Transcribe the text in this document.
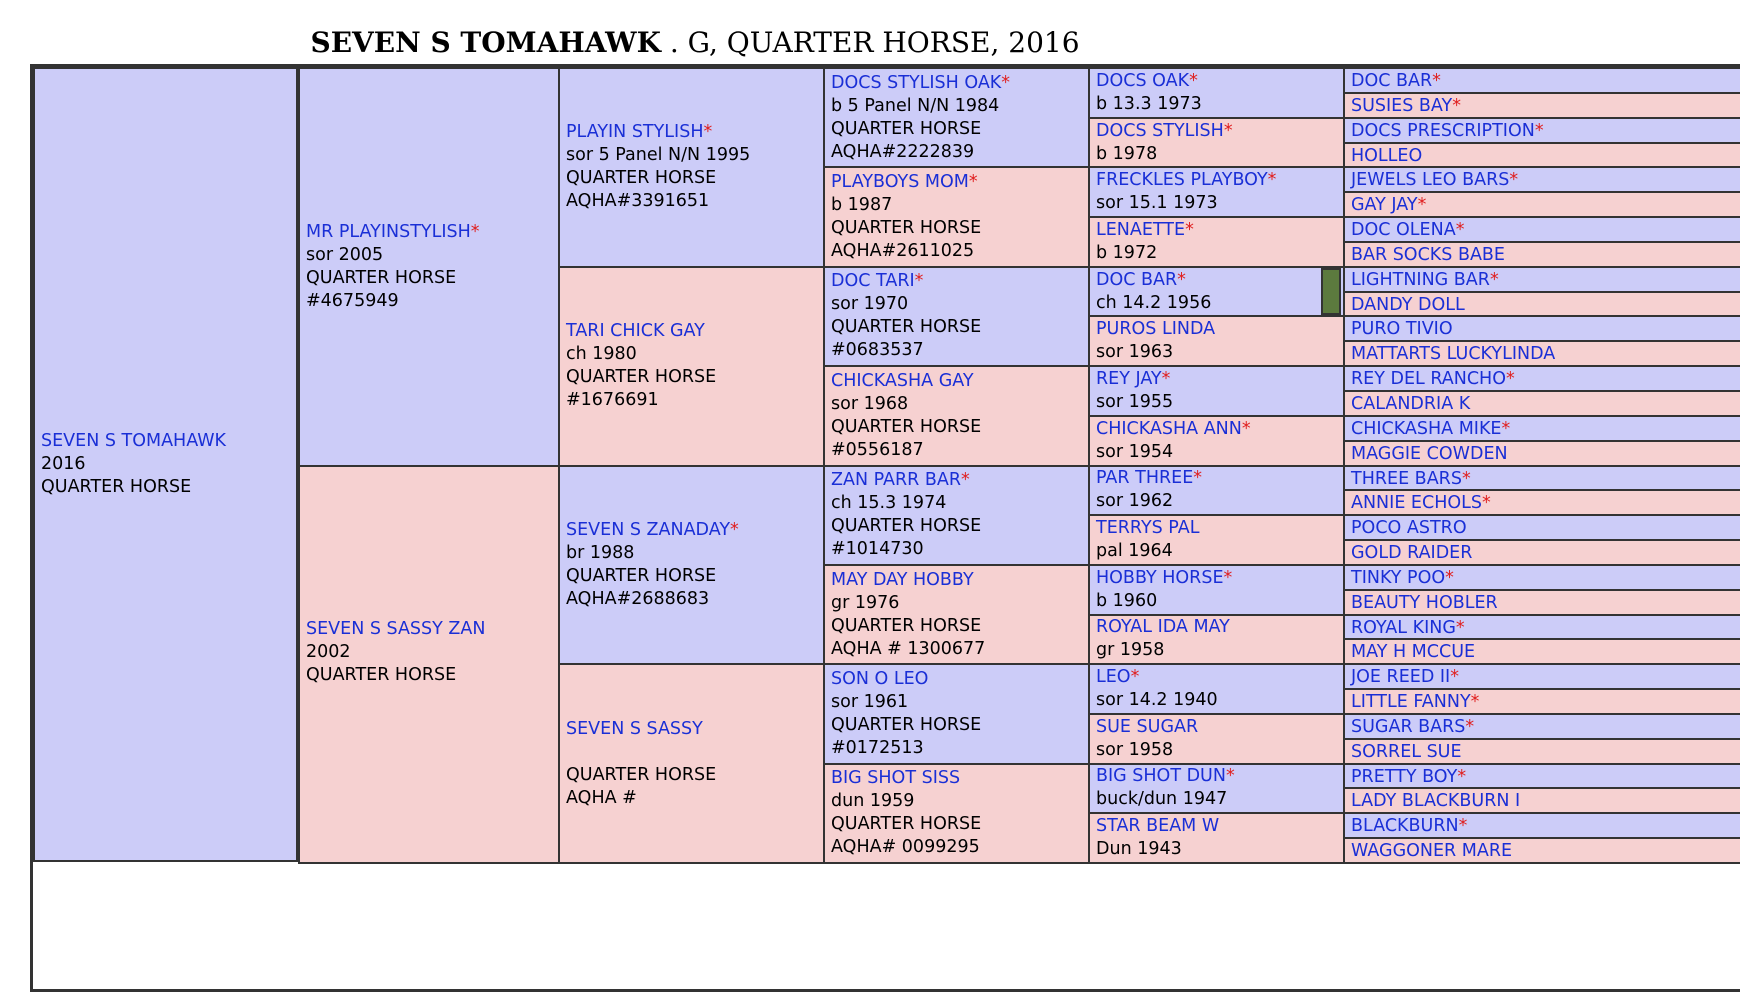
SEVEN S TOMAHAWK . G, QUARTER HORSE, 2016
SEVEN S TOMAHAWK
2016
QUARTER HORSE
MR PLAYINSTYLISH*
sor 2005
QUARTER HORSE
#4675949
SEVEN S SASSY ZAN
2002
QUARTER HORSE

PLAYIN STYLISH*
sor 5 Panel N/N 1995
QUARTER HORSE
AQHA#3391651
TARI CHICK GAY
ch 1980
QUARTER HORSE
#1676691
SEVEN S ZANADAY*
br 1988
QUARTER HORSE
AQHA#2688683
SEVEN S SASSY

QUARTER HORSE
AQHA #
DOCS STYLISH OAK*
b 5 Panel N/N 1984
QUARTER HORSE
AQHA#2222839
PLAYBOYS MOM*
b 1987
QUARTER HORSE
AQHA#2611025
DOC TARI*
sor 1970
QUARTER HORSE
#0683537
CHICKASHA GAY
sor 1968
QUARTER HORSE
#0556187
ZAN PARR BAR*
ch 15.3 1974
QUARTER HORSE
#1014730
MAY DAY HOBBY
gr 1976
QUARTER HORSE
AQHA # 1300677
SON O LEO
sor 1961
QUARTER HORSE
#0172513
BIG SHOT SISS
dun 1959
QUARTER HORSE
AQHA# 0099295
DOCS OAK*
b 13.3 1973
DOCS STYLISH*
b 1978
FRECKLES PLAYBOY*
sor 15.1 1973
LENAETTE*
b 1972
DOC BAR*
ch 14.2 1956
PUROS LINDA
sor 1963
REY JAY*
sor 1955
CHICKASHA ANN*
sor 1954
PAR THREE*
sor 1962
TERRYS PAL
pal 1964
HOBBY HORSE*
b 1960
ROYAL IDA MAY
gr 1958
LEO*
sor 14.2 1940
SUE SUGAR
sor 1958
BIG SHOT DUN*
buck/dun 1947
STAR BEAM W
Dun 1943
DOC BAR*
SUSIES BAY*
DOCS PRESCRIPTION*
HOLLEO
JEWELS LEO BARS*
GAY JAY*
DOC OLENA*
BAR SOCKS BABE
LIGHTNING BAR*
DANDY DOLL
PURO TIVIO
MATTARTS LUCKYLINDA
REY DEL RANCHO*
CALANDRIA K
CHICKASHA MIKE*
MAGGIE COWDEN
THREE BARS*
ANNIE ECHOLS*
POCO ASTRO
GOLD RAIDER
TINKY POO*
BEAUTY HOBLER
ROYAL KING*
MAY H MCCUE
JOE REED II*
LITTLE FANNY*
SUGAR BARS*
SORREL SUE
PRETTY BOY*
LADY BLACKBURN I
BLACKBURN*
WAGGONER MARE
